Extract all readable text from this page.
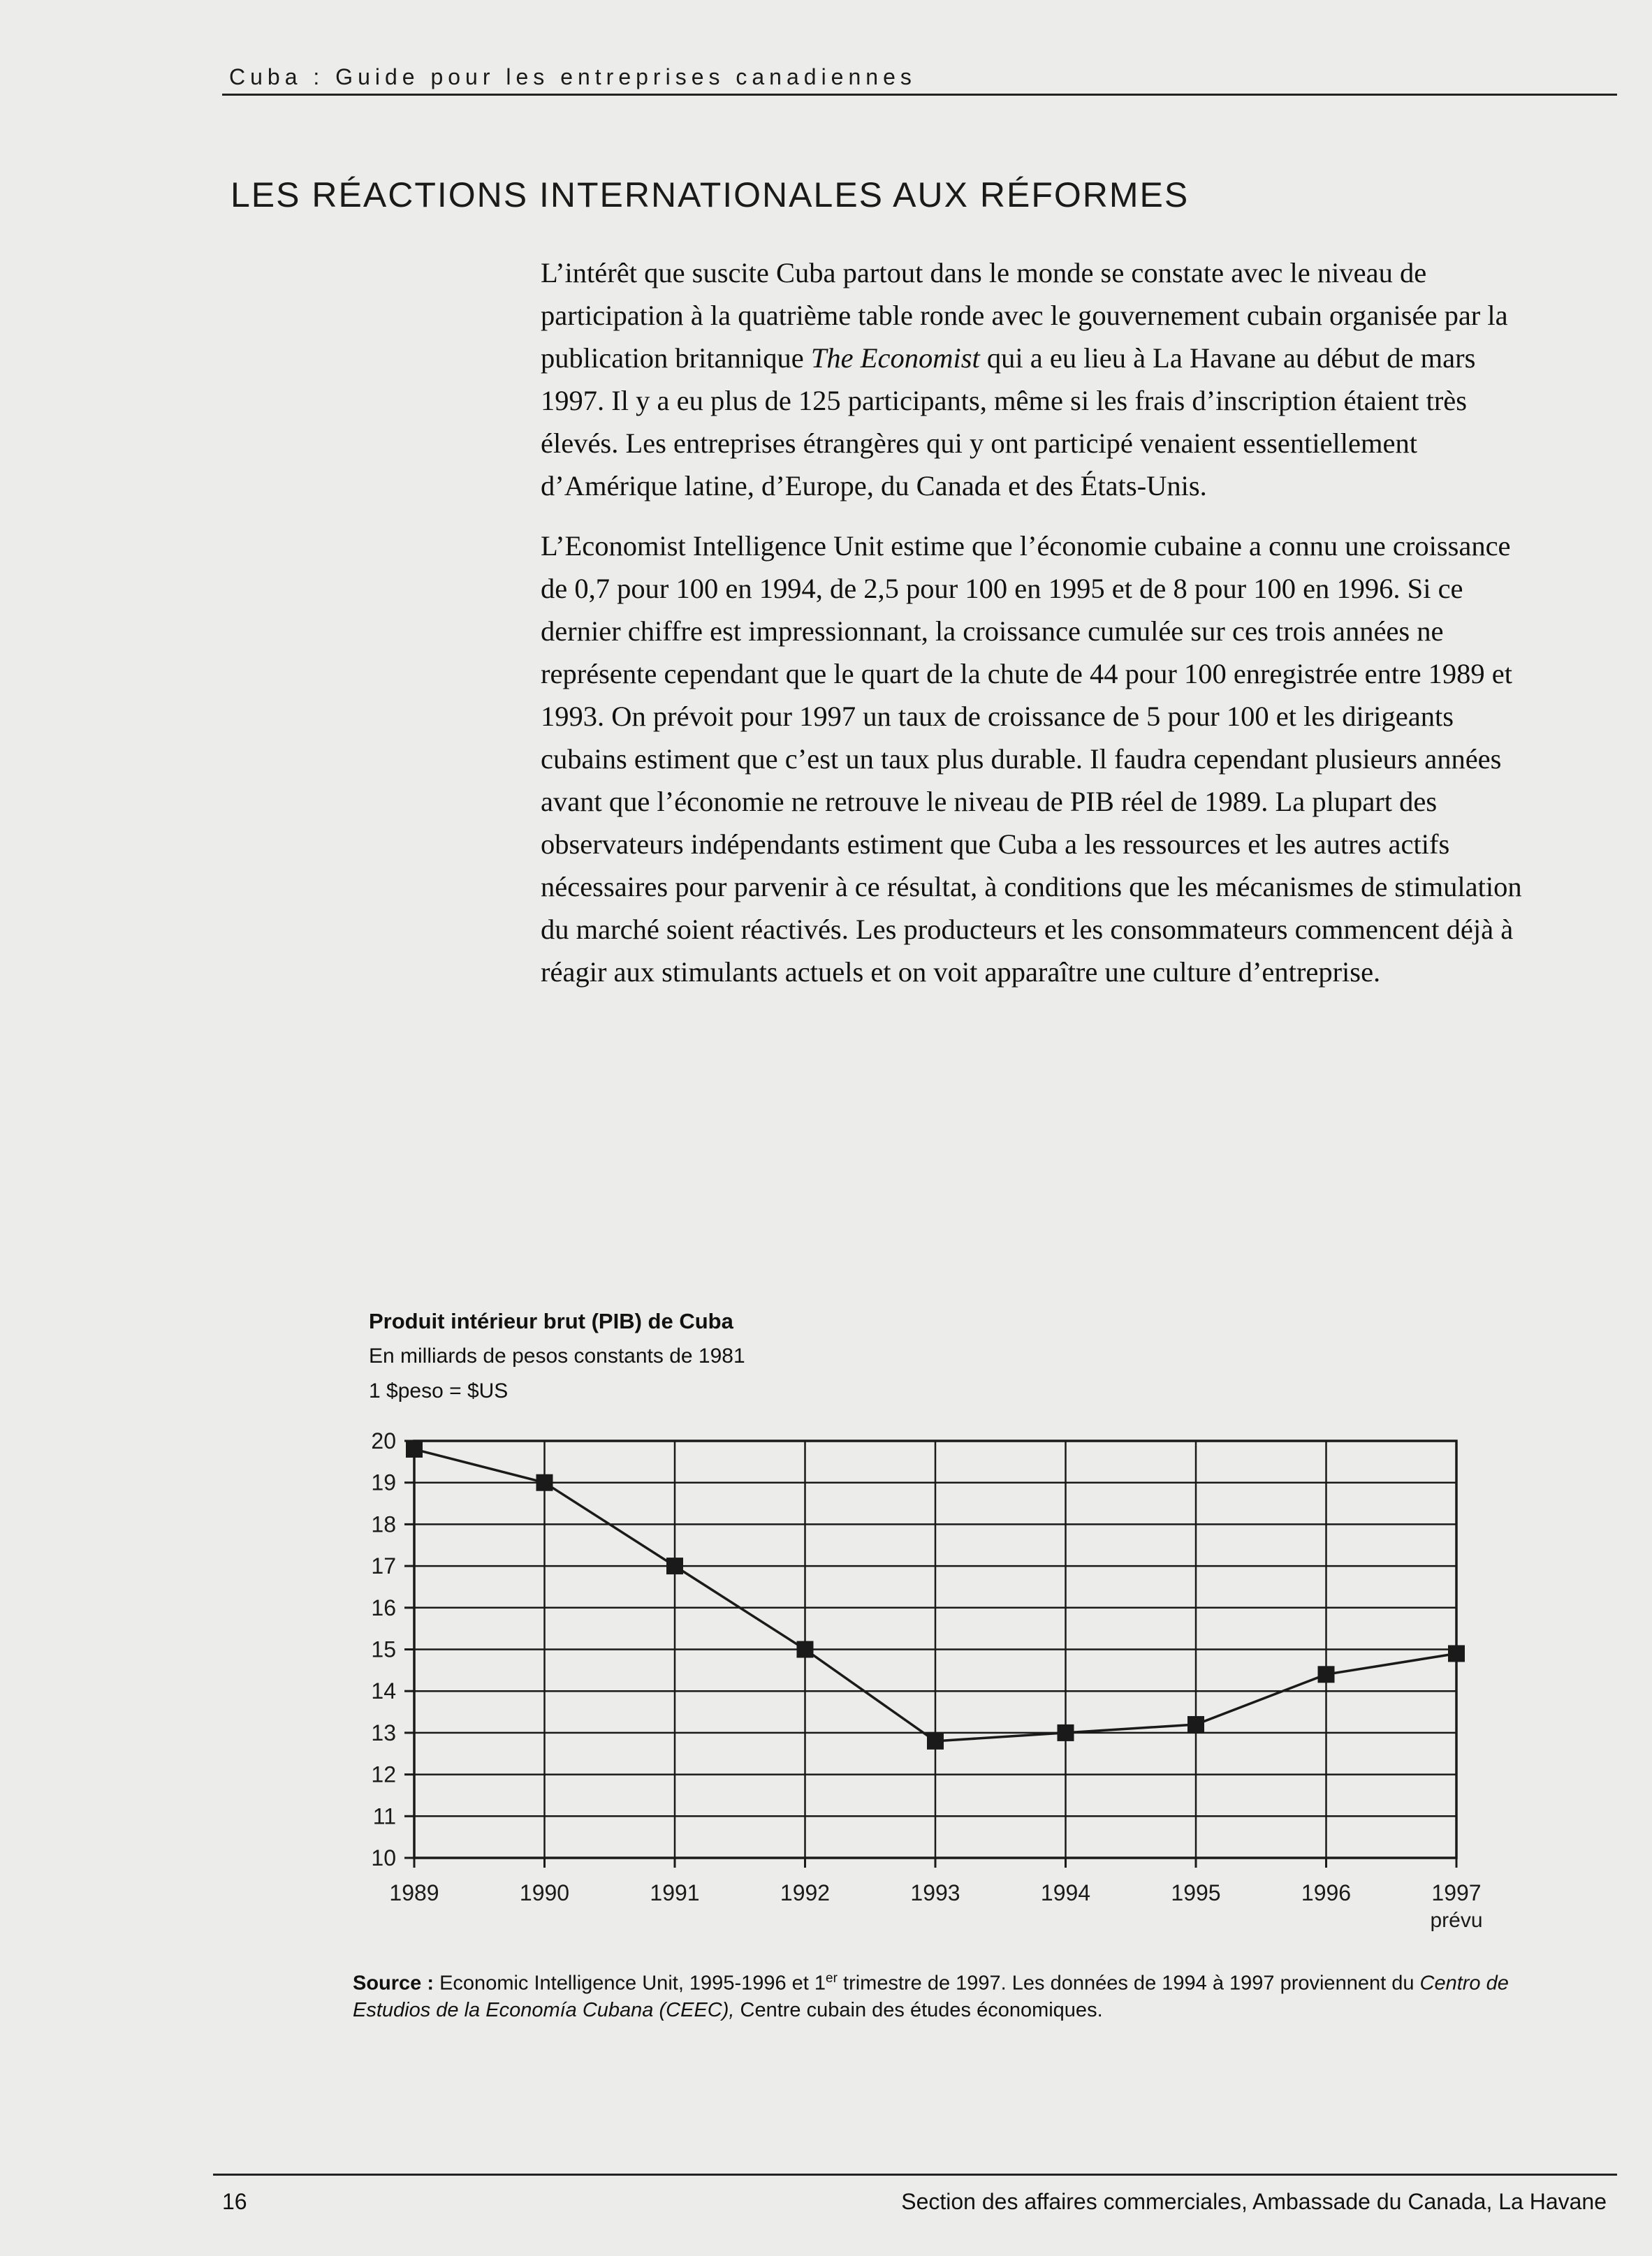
Cuba : Guide pour les entreprises canadiennes
LES RÉACTIONS INTERNATIONALES AUX RÉFORMES

L’intérêt que suscite Cuba partout dans le monde se constate avec le niveau de participation à la quatrième table ronde avec le gouvernement cubain organisée par la publication britannique The Economist qui a eu lieu à La Havane au début de mars 1997. Il y a eu plus de 125 participants, même si les frais d’inscription étaient très élevés. Les entreprises étrangères qui y ont participé venaient essentiellement d’Amérique latine, d’Europe, du Canada et des États-Unis.

L’Economist Intelligence Unit estime que l’économie cubaine a connu une croissance de 0,7 pour 100 en 1994, de 2,5 pour 100 en 1995 et de 8 pour 100 en 1996. Si ce dernier chiffre est impressionnant, la croissance cumulée sur ces trois années ne représente cependant que le quart de la chute de 44 pour 100 enregistrée entre 1989 et 1993. On prévoit pour 1997 un taux de croissance de 5 pour 100 et les dirigeants cubains estiment que c’est un taux plus durable. Il faudra cependant plusieurs années avant que l’économie ne retrouve le niveau de PIB réel de 1989. La plupart des observateurs indépendants estiment que Cuba a les ressources et les autres actifs nécessaires pour parvenir à ce résultat, à conditions que les mécanismes de stimulation du marché soient réactivés. Les producteurs et les consommateurs commencent déjà à réagir aux stimulants actuels et on voit apparaître une culture d’entreprise.

Produit intérieur brut (PIB) de Cuba
En milliards de pesos constants de 1981
1 $peso = $US
10
11
12
13
14
15
16
17
18
19
20
1989	1990	1991	1992	1993	1994	1995	1996	1997
prévu
Source : Economic Intelligence Unit, 1995-1996 et 1er trimestre de 1997. Les données de 1994 à 1997 proviennent du Centro de Estudios de la Economía Cubana (CEEC), Centre cubain des études économiques.
16	Section des affaires commerciales, Ambassade du Canada, La Havane
